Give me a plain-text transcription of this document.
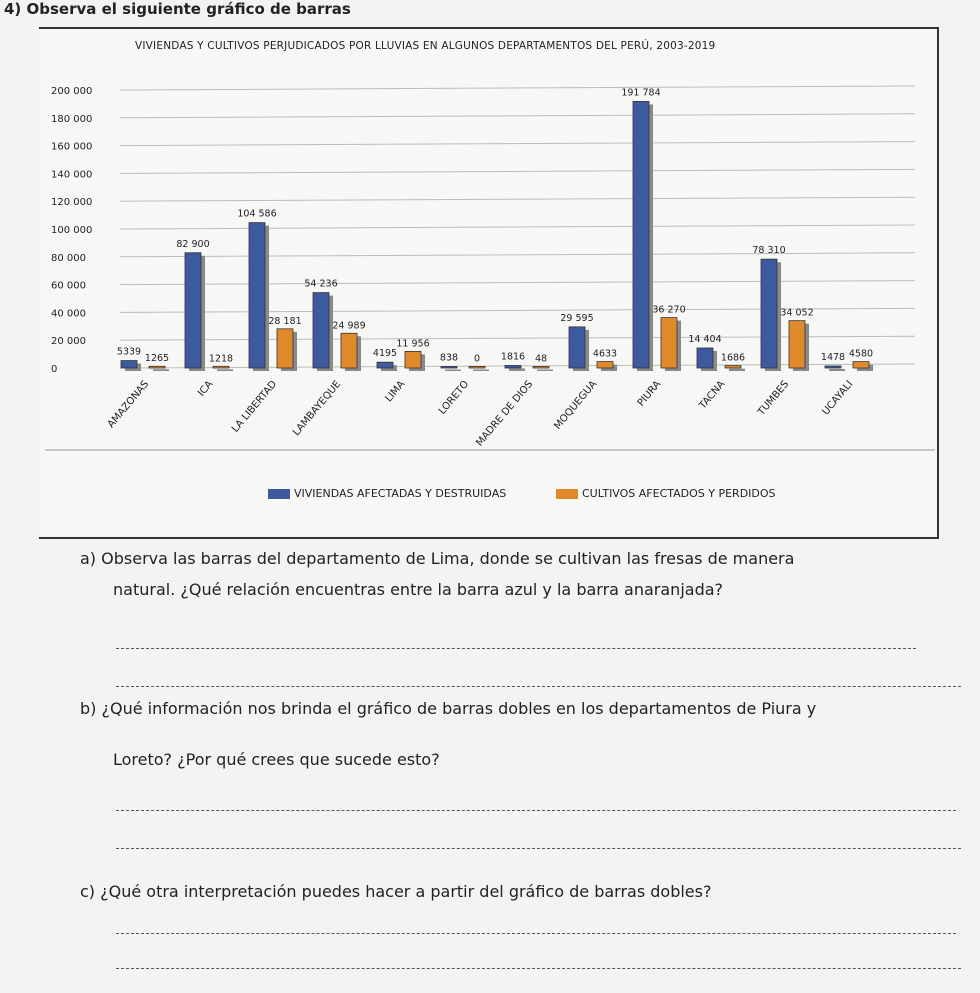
4) Observa el siguiente gráfico de barras
VIVIENDAS Y CULTIVOS PERJUDICADOS POR LLUVIAS EN ALGUNOS DEPARTAMENTOS DEL PERÚ, 2003-2019
200 000
180 000
160 000
140 000
120 000
100 000
80 000
60 000
40 000
20 000
0
5339
1265
AMAZONAS
82 900
1218
ICA
104 586
28 181
LA LIBERTAD
54 236
24 989
LAMBAYEQUE
4195
11 956
LIMA
838 0
LORETO
1816 48
MADRE DE DIOS
29 595
4633
MOQUEGUA
191 784
36 270
PIURA
14 404
1686
TACNA
78 310
34 052
TUMBES
1478 4580
UCAYALI
VIVIENDAS AFECTADAS Y DESTRUIDAS	CULTIVOS AFECTADOS Y PERDIDOS
a) Observa las barras del departamento de Lima, donde se cultivan las fresas de manera
natural. ¿Qué relación encuentras entre la barra azul y la barra anaranjada?
b) ¿Qué información nos brinda el gráfico de barras dobles en los departamentos de Piura y
Loreto? ¿Por qué crees que sucede esto?
c) ¿Qué otra interpretación puedes hacer a partir del gráfico de barras dobles?
